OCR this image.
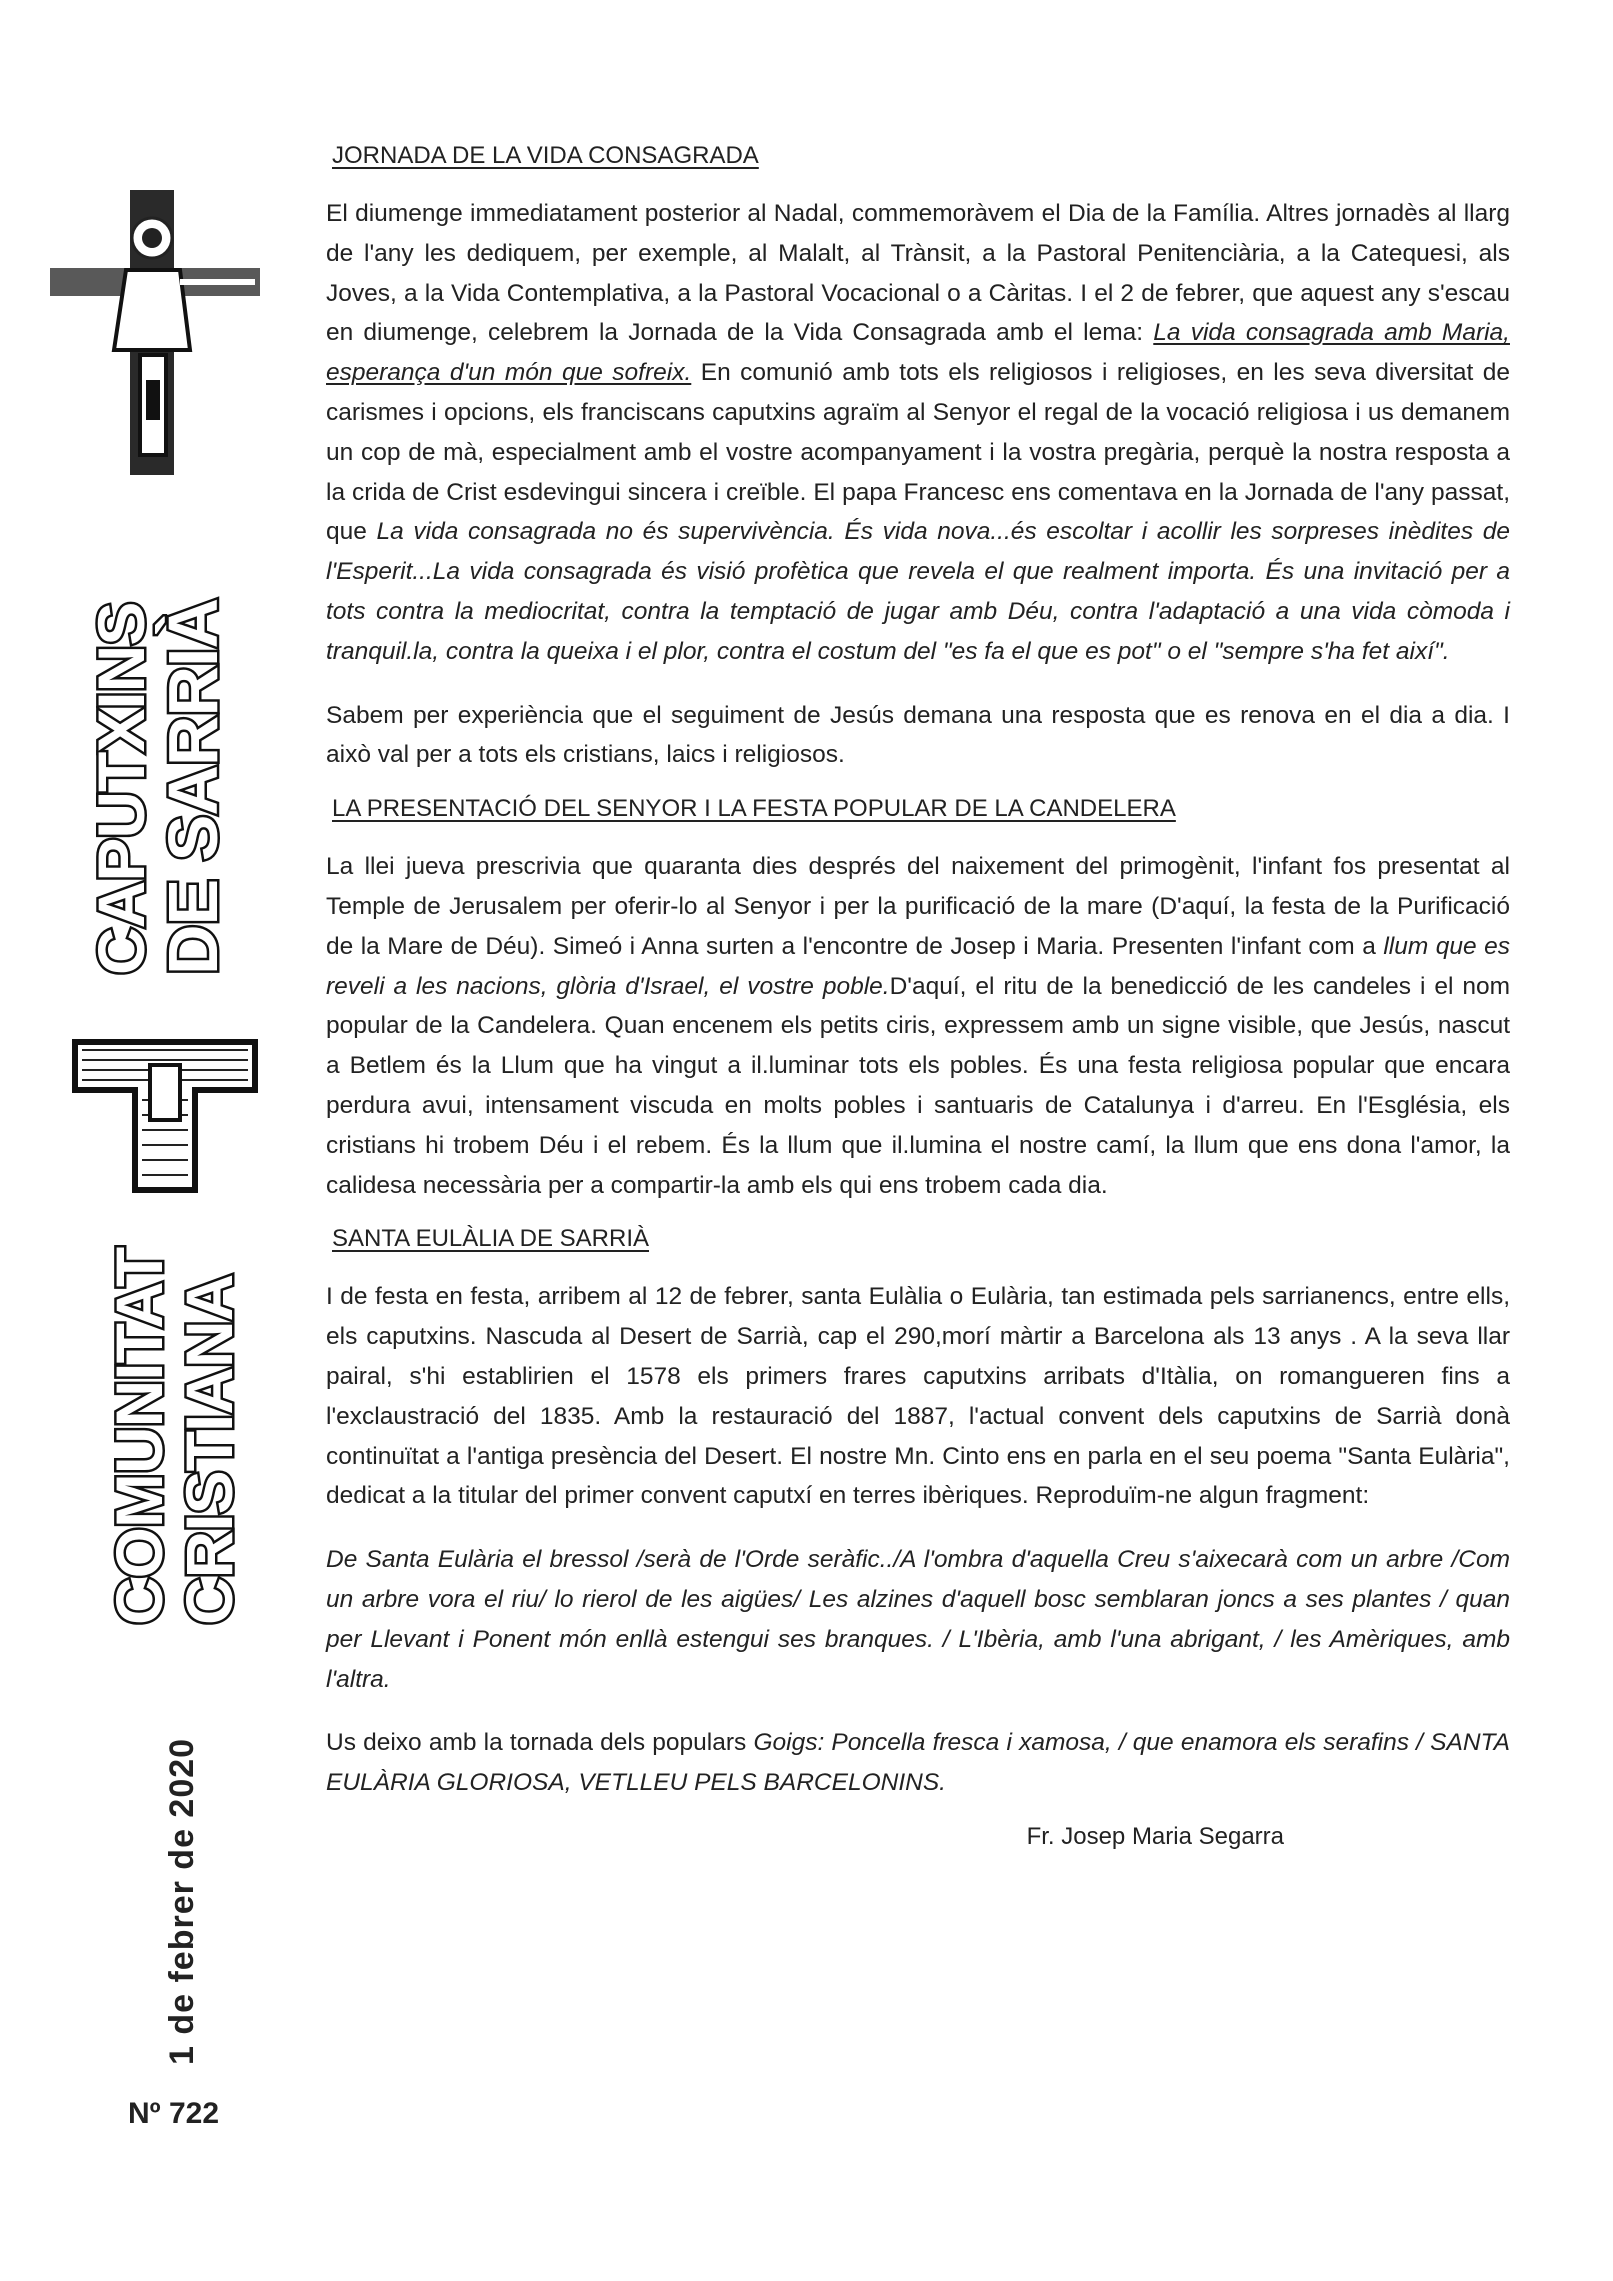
CAPUTXINS
DE SARRIÀ
COMUNITAT
CRISTIANA
1 de febrer de 2020
Nº 722
JORNADA DE LA VIDA CONSAGRADA

El diumenge immediatament posterior al Nadal, commemoràvem el Dia de la Família. Altres jornadès al llarg de l'any les dediquem, per exemple, al Malalt, al Trànsit, a la Pastoral Penitenciària, a la Catequesi, als Joves, a la Vida Contemplativa, a la Pastoral Vocacional o a Càritas. I el 2 de febrer, que aquest any s'escau en diumenge, celebrem la Jornada de la Vida Consagrada amb el lema: La vida consagrada amb Maria, esperança d'un món que sofreix. En comunió amb tots els religiosos i religioses, en les seva diversitat de carismes i opcions, els franciscans caputxins agraïm al Senyor el regal de la vocació religiosa i us demanem un cop de mà, especialment amb el vostre acompanyament i la vostra pregària, perquè la nostra resposta a la crida de Crist esdevingui sincera i creïble. El papa Francesc ens comentava en la Jornada de l'any passat, que La vida consagrada no és supervivència. És vida nova...és escoltar i acollir les sorpreses inèdites de l'Esperit...La vida consagrada és visió profètica que revela el que realment importa. És una invitació per a tots contra la mediocritat, contra la temptació de jugar amb Déu, contra l'adaptació a una vida còmoda i tranquil.la, contra la queixa i el plor, contra el costum del "es fa el que es pot" o el "sempre s'ha fet així".

Sabem per experiència que el seguiment de Jesús demana una resposta que es renova en el dia a dia. I això val per a tots els cristians, laics i religiosos.

LA PRESENTACIÓ DEL SENYOR I LA FESTA POPULAR DE LA CANDELERA

La llei jueva prescrivia que quaranta dies després del naixement del primogènit, l'infant fos presentat al Temple de Jerusalem per oferir-lo al Senyor i per la purificació de la mare (D'aquí, la festa de la Purificació de la Mare de Déu). Simeó i Anna surten a l'encontre de Josep i Maria. Presenten l'infant com a llum que es reveli a les nacions, glòria d'Israel, el vostre poble.D'aquí, el ritu de la benedicció de les candeles i el nom popular de la Candelera. Quan encenem els petits ciris, expressem amb un signe visible, que Jesús, nascut a Betlem és la Llum que ha vingut a il.luminar tots els pobles. És una festa religiosa popular que encara perdura avui, intensament viscuda en molts pobles i santuaris de Catalunya i d'arreu. En l'Església, els cristians hi trobem Déu i el rebem. És la llum que il.lumina el nostre camí, la llum que ens dona l'amor, la calidesa necessària per a compartir-la amb els qui ens trobem cada dia.

SANTA EULÀLIA DE SARRIÀ

I de festa en festa, arribem al 12 de febrer, santa Eulàlia o Eulària, tan estimada pels sarrianencs, entre ells, els caputxins. Nascuda al Desert de Sarrià, cap el 290,morí màrtir a Barcelona als 13 anys . A la seva llar pairal, s'hi establirien el 1578 els primers frares caputxins arribats d'Itàlia, on romangueren fins a l'exclaustració del 1835. Amb la restauració del 1887, l'actual convent dels caputxins de Sarrià donà continuïtat a l'antiga presència del Desert. El nostre Mn. Cinto ens en parla en el seu poema "Santa Eulària", dedicat a la titular del primer convent caputxí en terres ibèriques. Reproduïm-ne algun fragment:

De Santa Eulària el bressol /serà de l'Orde seràfic../A l'ombra d'aquella Creu s'aixecarà com un arbre /Com un arbre vora el riu/ lo rierol de les aigües/ Les alzines d'aquell bosc semblaran joncs a ses plantes / quan per Llevant i Ponent món enllà estengui ses branques. / L'Ibèria, amb l'una abrigant, / les Amèriques, amb l'altra.

Us deixo amb la tornada dels populars Goigs: Poncella fresca i xamosa, / que enamora els serafins / SANTA EULÀRIA GLORIOSA, VETLLEU PELS BARCELONINS.

Fr. Josep Maria Segarra
